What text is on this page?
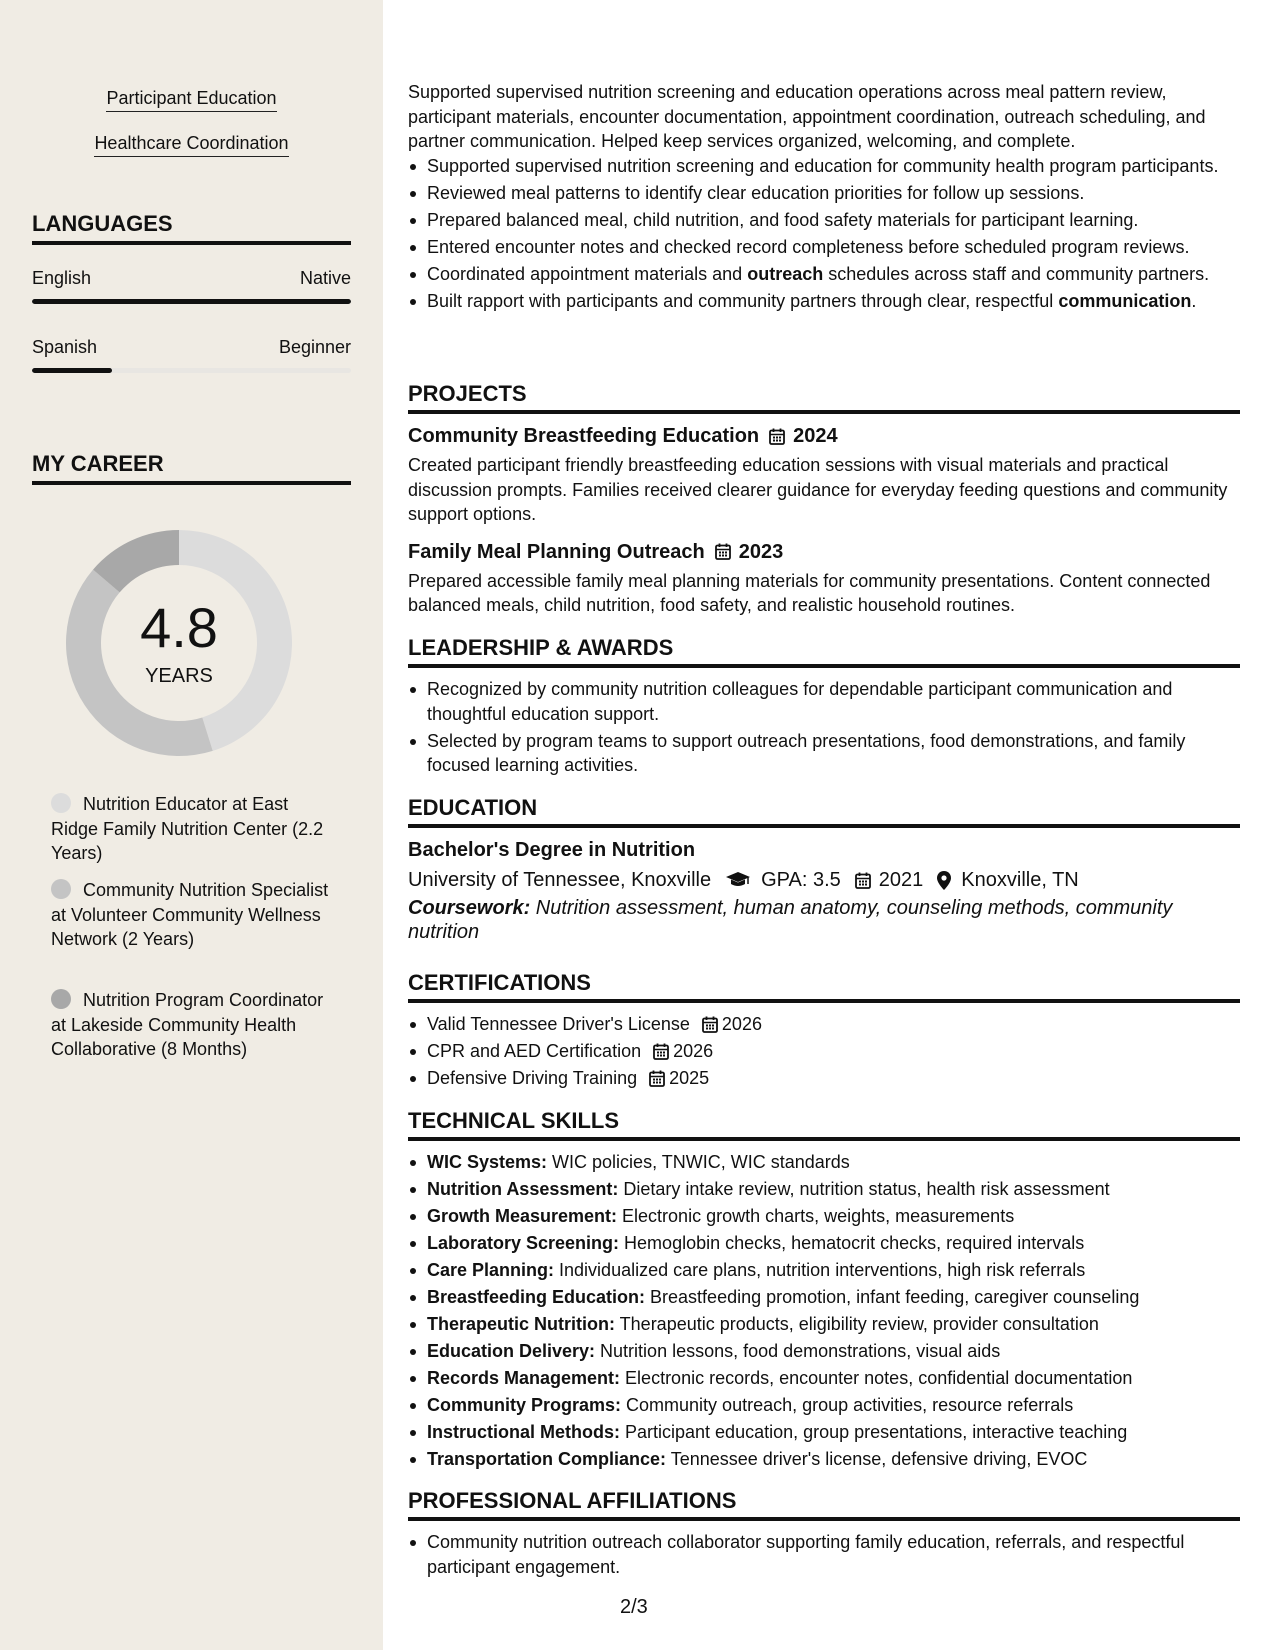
Participant Education
Healthcare Coordination
LANGUAGES
English	Native
Spanish	Beginner
MY CAREER
4.8
YEARS
Nutrition Educator at East Ridge Family Nutrition Center (2.2 Years)
Community Nutrition Specialist at Volunteer Community Wellness Network (2 Years)
Nutrition Program Coordinator at Lakeside Community Health Collaborative (8 Months)

Supported supervised nutrition screening and education operations across meal pattern review, participant materials, encounter documentation, appointment coordination, outreach scheduling, and partner communication. Helped keep services organized, welcoming, and complete.

Supported supervised nutrition screening and education for community health program participants.
Reviewed meal patterns to identify clear education priorities for follow up sessions.
Prepared balanced meal, child nutrition, and food safety materials for participant learning.
Entered encounter notes and checked record completeness before scheduled program reviews.
Coordinated appointment materials and outreach schedules across staff and community partners.
Built rapport with participants and community partners through clear, respectful communication.
PROJECTS
Community Breastfeeding Education 2024

Created participant friendly breastfeeding education sessions with visual materials and practical discussion prompts. Families received clearer guidance for everyday feeding questions and community support options.

Family Meal Planning Outreach 2023

Prepared accessible family meal planning materials for community presentations. Content connected balanced meals, child nutrition, food safety, and realistic household routines.

LEADERSHIP & AWARDS
Recognized by community nutrition colleagues for dependable participant communication and thoughtful education support.
Selected by program teams to support outreach presentations, food demonstrations, and family focused learning activities.
EDUCATION
Bachelor's Degree in Nutrition
University of Tennessee, Knoxville	GPA: 3.5 2021 Knoxville, TN

Coursework: Nutrition assessment, human anatomy, counseling methods, community nutrition

CERTIFICATIONS
Valid Tennessee Driver's License 2026
CPR and AED Certification 2026
Defensive Driving Training 2025
TECHNICAL SKILLS
WIC Systems: WIC policies, TNWIC, WIC standards
Nutrition Assessment: Dietary intake review, nutrition status, health risk assessment
Growth Measurement: Electronic growth charts, weights, measurements
Laboratory Screening: Hemoglobin checks, hematocrit checks, required intervals
Care Planning: Individualized care plans, nutrition interventions, high risk referrals
Breastfeeding Education: Breastfeeding promotion, infant feeding, caregiver counseling
Therapeutic Nutrition: Therapeutic products, eligibility review, provider consultation
Education Delivery: Nutrition lessons, food demonstrations, visual aids
Records Management: Electronic records, encounter notes, confidential documentation
Community Programs: Community outreach, group activities, resource referrals
Instructional Methods: Participant education, group presentations, interactive teaching
Transportation Compliance: Tennessee driver's license, defensive driving, EVOC
PROFESSIONAL AFFILIATIONS
Community nutrition outreach collaborator supporting family education, referrals, and respectful participant engagement.
2/3
